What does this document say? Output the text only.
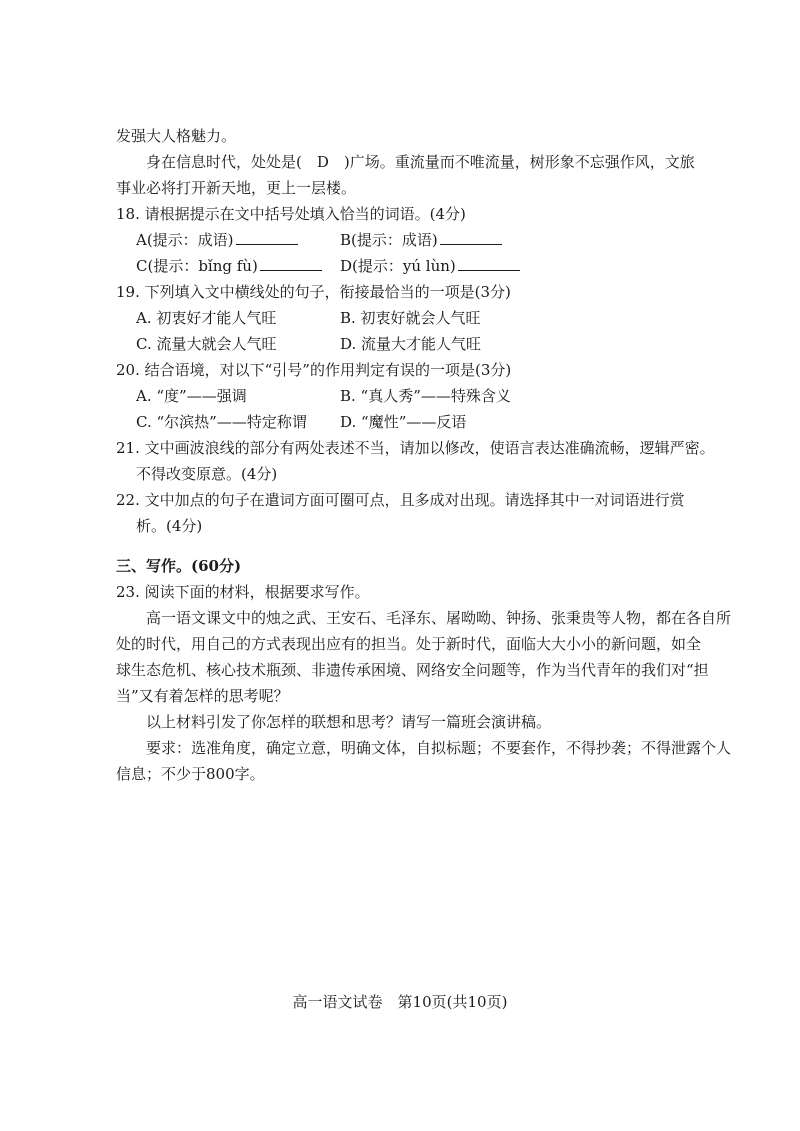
发强大人格魅力。
身在信息时代，处处是(　D　)广场。重流量而不唯流量，树形象不忘强作风，文旅
事业必将打开新天地，更上一层楼。
18. 请根据提示在文中括号处填入恰当的词语。(4分)
A(提示：成语)	B(提示：成语)
C(提示：bǐng fù)	D(提示：yú lùn)
19. 下列填入文中横线处的句子，衔接最恰当的一项是(3分)
A. 初衷好才能人气旺	B. 初衷好就会人气旺
C. 流量大就会人气旺	D. 流量大才能人气旺
20. 结合语境，对以下“引号”的作用判定有误的一项是(3分)
A. “度”——强调	B. “真人秀”——特殊含义
C. “尔滨热”——特定称谓 D. “魔性”——反语
21. 文中画波浪线的部分有两处表述不当，请加以修改，使语言表达准确流畅，逻辑严密。
不得改变原意。(4分)
22. 文中加点的句子在遣词方面可圈可点，且多成对出现。请选择其中一对词语进行赏
析。(4分)
三、写作。(60分)
23. 阅读下面的材料，根据要求写作。
高一语文课文中的烛之武、王安石、毛泽东、屠呦呦、钟扬、张秉贵等人物，都在各自所
处的时代，用自己的方式表现出应有的担当。处于新时代，面临大大小小的新问题，如全
球生态危机、核心技术瓶颈、非遗传承困境、网络安全问题等，作为当代青年的我们对“担
当”又有着怎样的思考呢？
以上材料引发了你怎样的联想和思考？请写一篇班会演讲稿。
要求：选准角度，确定立意，明确文体，自拟标题；不要套作，不得抄袭；不得泄露个人
信息；不少于800字。
高一语文试卷　第10页(共10页)
